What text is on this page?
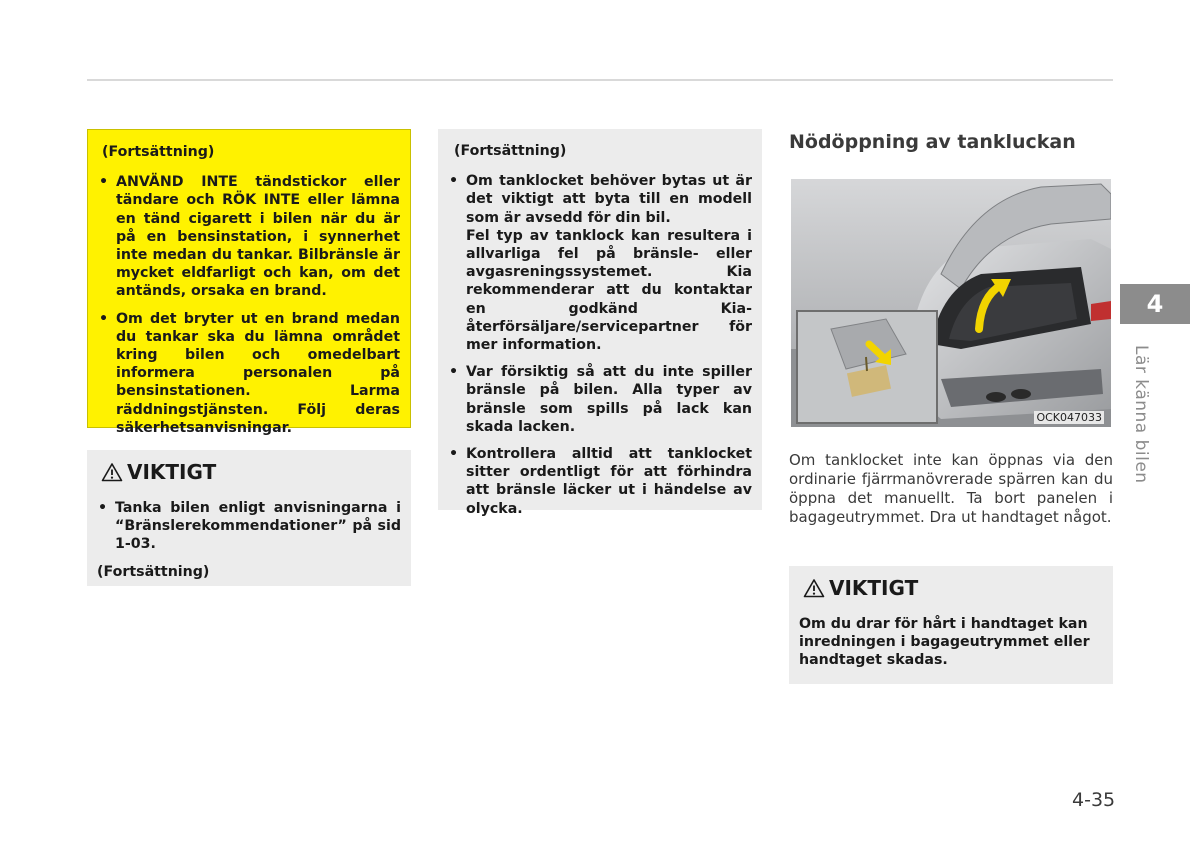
(Fortsättning)
• ANVÄND INTE tändstickor eller tändare och RÖK INTE eller lämna en tänd cigarett i bilen när du är på en bensinstation, i synnerhet inte medan du tankar. Bilbränsle är mycket eldfarligt och kan, om det antänds, orsaka en brand.
• Om det bryter ut en brand medan du tankar ska du lämna området kring bilen och omedelbart informera personalen på bensinstationen. Larma räddningstjänsten. Följ deras säkerhetsanvisningar.
VIKTIGT
• Tanka bilen enligt anvisningarna i “Bränslerekommendationer” på sid 1-03.
(Fortsättning)
(Fortsättning)
• Om tanklocket behöver bytas ut är det viktigt att byta till en modell som är avsedd för din bil.
Fel typ av tanklock kan resultera i allvarliga fel på bränsle- eller avgasreningssystemet. Kia rekommenderar att du kontaktar en godkänd Kia-återförsäljare/servicepartner för mer information.
• Var försiktig så att du inte spiller bränsle på bilen. Alla typer av bränsle som spills på lack kan skada lacken.
• Kontrollera alltid att tanklocket sitter ordentligt för att förhindra att bränsle läcker ut i händelse av olycka.
Nödöppning av tankluckan
OCK047033

Om tanklocket inte kan öppnas via den ordinarie fjärrmanövrerade spärren kan du öppna det manuellt. Ta bort panelen i bagageutrymmet. Dra ut handtaget något.

VIKTIGT
Om du drar för hårt i handtaget kan inredningen i bagageutrymmet eller handtaget skadas.
4
Lär känna bilen
4-35
